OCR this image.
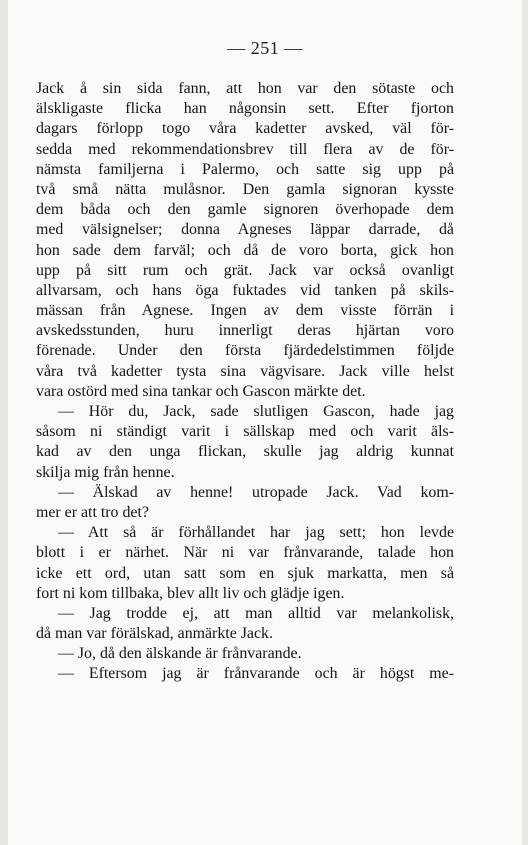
— 251 —
Jack å sin sida fann, att hon var den sötaste och
älskligaste flicka han någonsin sett. Efter fjorton
dagars förlopp togo våra kadetter avsked, väl för-
sedda med rekommendationsbrev till flera av de för-
nämsta familjerna i Palermo, och satte sig upp på
två små nätta mulåsnor. Den gamla signoran kysste
dem båda och den gamle signoren överhopade dem
med välsignelser; donna Agneses läppar darrade, då
hon sade dem farväl; och då de voro borta, gick hon
upp på sitt rum och grät. Jack var också ovanligt
allvarsam, och hans öga fuktades vid tanken på skils-
mässan från Agnese. Ingen av dem visste förrän i
avskedsstunden, huru innerligt deras hjärtan voro
förenade. Under den första fjärdedelstimmen följde
våra två kadetter tysta sina vägvisare. Jack ville helst
vara ostörd med sina tankar och Gascon märkte det.
— Hör du, Jack, sade slutligen Gascon, hade jag
såsom ni ständigt varit i sällskap med och varit äls-
kad av den unga flickan, skulle jag aldrig kunnat
skilja mig från henne.
— Älskad av henne! utropade Jack. Vad kom-
mer er att tro det?
— Att så är förhållandet har jag sett; hon levde
blott i er närhet. När ni var frånvarande, talade hon
icke ett ord, utan satt som en sjuk markatta, men så
fort ni kom tillbaka, blev allt liv och glädje igen.
— Jag trodde ej, att man alltid var melankolisk,
då man var förälskad, anmärkte Jack.
— Jo, då den älskande är frånvarande.
— Eftersom jag är frånvarande och är högst me-
